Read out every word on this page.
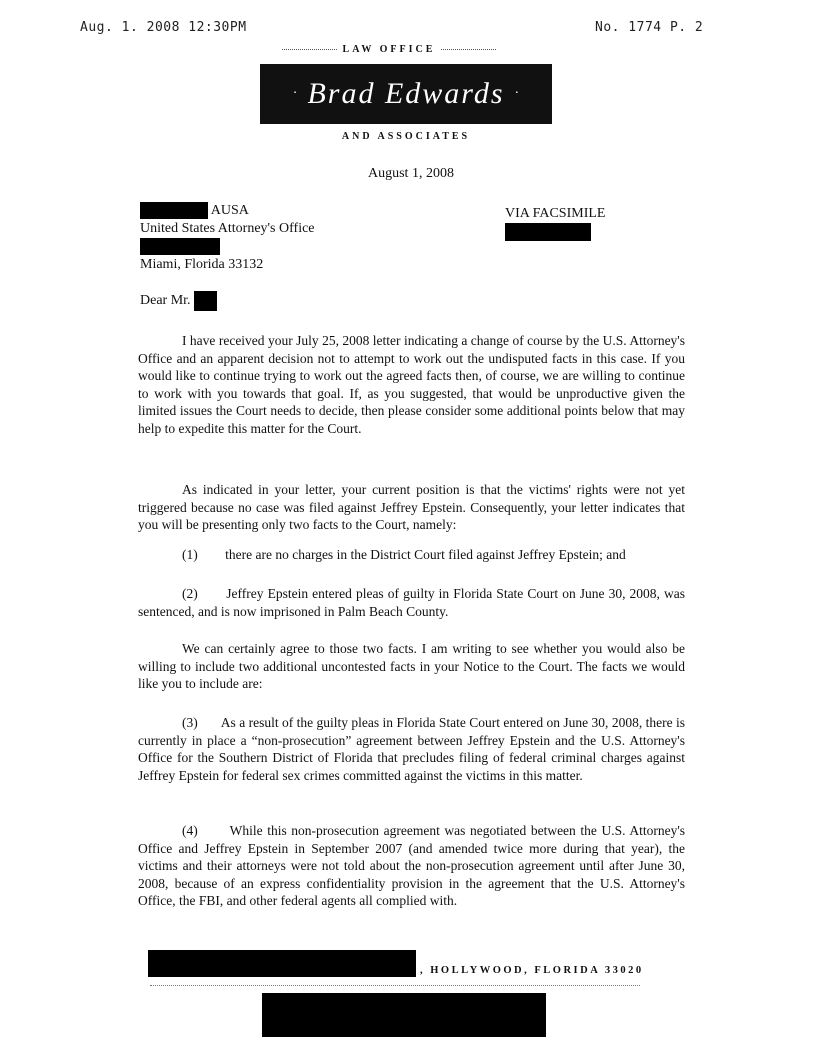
Aug. 1. 2008 12:30PM	No. 1774 P. 2
LAW OFFICE
· Brad Edwards ·
AND ASSOCIATES
August 1, 2008
AUSA
United States Attorney's Office
Miami, Florida 33132
VIA FACSIMILE
Dear Mr.
I have received your July 25, 2008 letter indicating a change of course by the U.S. Attorney's Office and an apparent decision not to attempt to work out the undisputed facts in this case. If you would like to continue trying to work out the agreed facts then, of course, we are willing to continue to work with you towards that goal. If, as you suggested, that would be unproductive given the limited issues the Court needs to decide, then please consider some additional points below that may help to expedite this matter for the Court.
As indicated in your letter, your current position is that the victims' rights were not yet triggered because no case was filed against Jeffrey Epstein. Consequently, your letter indicates that you will be presenting only two facts to the Court, namely:
(1) there are no charges in the District Court filed against Jeffrey Epstein; and
(2)       Jeffrey Epstein entered pleas of guilty in Florida State Court on June 30, 2008, was sentenced, and is now imprisoned in Palm Beach County.
We can certainly agree to those two facts. I am writing to see whether you would also be willing to include two additional uncontested facts in your Notice to the Court. The facts we would like you to include are:
(3)       As a result of the guilty pleas in Florida State Court entered on June 30, 2008, there is currently in place a “non-prosecution” agreement between Jeffrey Epstein and the U.S. Attorney's Office for the Southern District of Florida that precludes filing of federal criminal charges against Jeffrey Epstein for federal sex crimes committed against the victims in this matter.
(4)       While this non-prosecution agreement was negotiated between the U.S. Attorney's Office and Jeffrey Epstein in September 2007 (and amended twice more during that year), the victims and their attorneys were not told about the non-prosecution agreement until after June 30, 2008, because of an express confidentiality provision in the agreement that the U.S. Attorney's Office, the FBI, and other federal agents all complied with.
, HOLLYWOOD, FLORIDA 33020
